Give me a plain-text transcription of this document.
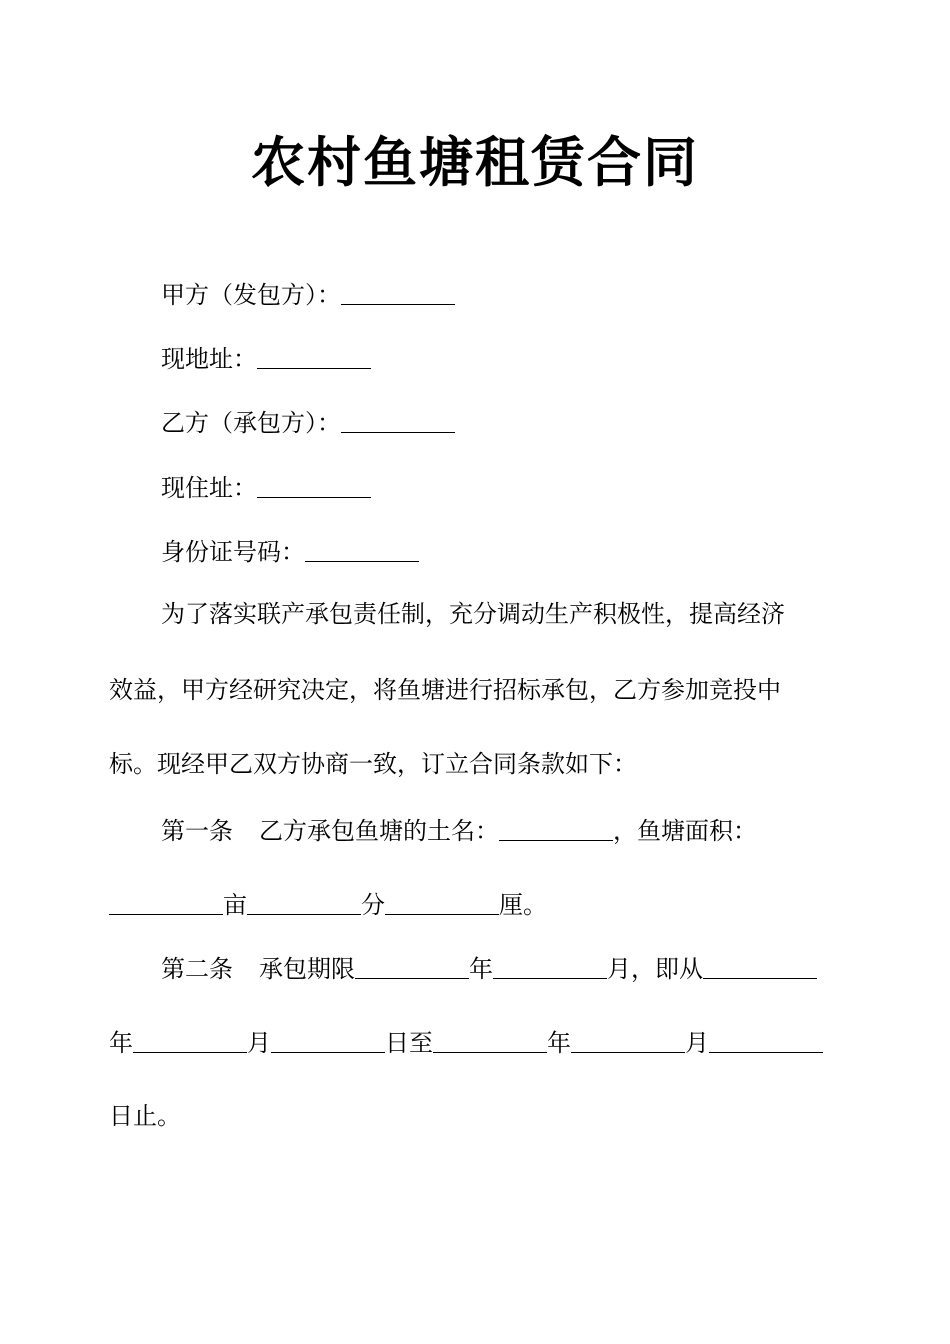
农村鱼塘租赁合同

甲方（发包方）：

现地址：

乙方（承包方）：

现住址：

身份证号码：

为了落实联产承包责任制，充分调动生产积极性，提高经济

效益，甲方经研究决定，将鱼塘进行招标承包，乙方参加竞投中

标。现经甲乙双方协商一致，订立合同条款如下：

第一条 乙方承包鱼塘的土名：	，鱼塘面积：

亩	分	厘。

第二条 承包期限	年	月，即从

年	月	日至	年	月

日止。
